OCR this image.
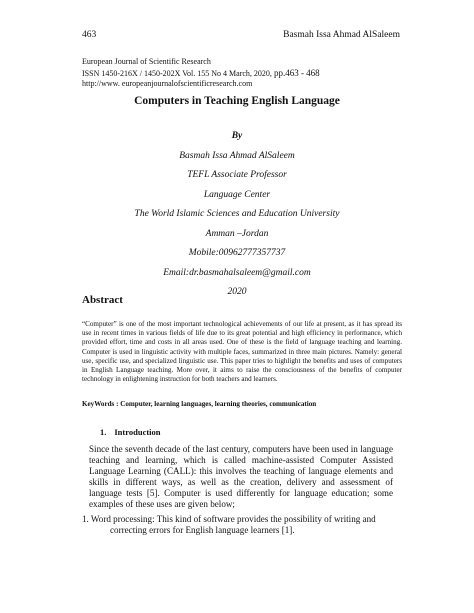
463	Basmah Issa Ahmad AlSaleem
European Journal of Scientific Research
ISSN 1450-216X / 1450-202X Vol. 155 No 4 March, 2020, pp.463 - 468
http://www. europeanjournalofscientificresearch.com
Computers in Teaching English Language
By
Basmah Issa Ahmad AlSaleem
TEFL Associate Professor
Language Center
The World Islamic Sciences and Education University
Amman –Jordan
Mobile:00962777357737
Email:dr.basmahalsaleem@gmail.com
2020
Abstract
“Computer” is one of the most important technological achievements of our life at present, as it has spread its use in recent times in various fields of life due to its great potential and high efficiency in performance, which provided effort, time and costs in all areas used. One of these is the field of language teaching and learning. Computer is used in linguistic activity with multiple faces, summarized in three main pictures. Namely: general use, specific use, and specialized linguistic use. This paper tries to highlight the benefits and uses of computers in English Language teaching. More over, it aims to raise the consciousness of the benefits of computer technology in enlightening instruction for both teachers and learners.
KeyWords : Computer, learning languages, learning theories, communication
1. Introduction
Since the seventh decade of the last century, computers have been used in language teaching and learning, which is called machine-assisted Computer Assisted Language Learning (CALL): this involves the teaching of language elements and skills in different ways, as well as the creation, delivery and assessment of language tests [5]. Computer is used differently for language education; some examples of these uses are given below;
1. Word processing: This kind of software provides the possibility of writing and
correcting errors for English language learners [1].
